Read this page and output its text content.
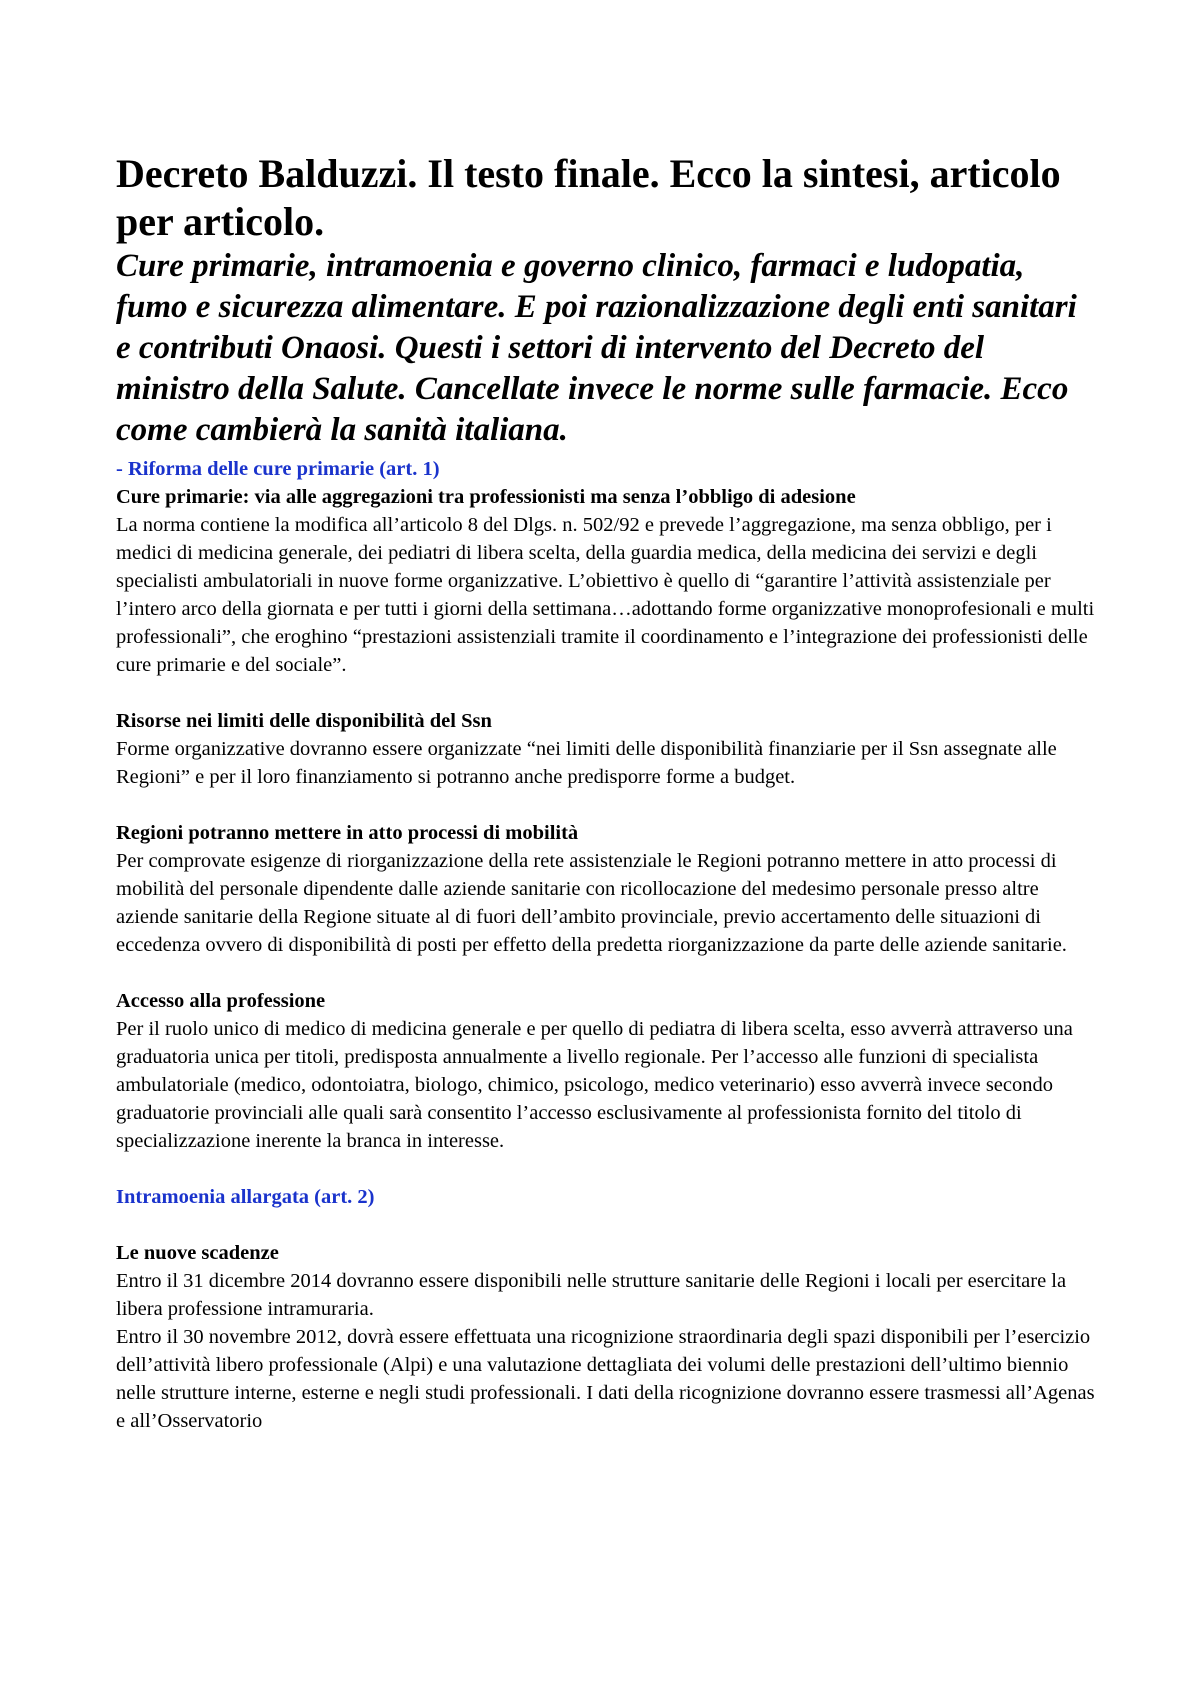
Decreto Balduzzi. Il testo finale. Ecco la sintesi, articolo per articolo.
Cure primarie, intramoenia e governo clinico, farmaci e ludopatia, fumo e sicurezza alimentare. E poi razionalizzazione degli enti sanitari e contributi Onaosi. Questi i settori di intervento del Decreto del ministro della Salute. Cancellate invece le norme sulle farmacie. Ecco come cambierà la sanità italiana.

- Riforma delle cure primarie (art. 1)

Cure primarie: via alle aggregazioni tra professionisti ma senza l’obbligo di adesione

La norma contiene la modifica all’articolo 8 del Dlgs. n. 502/92 e prevede l’aggregazione, ma senza obbligo, per i medici di medicina generale, dei pediatri di libera scelta, della guardia medica, della medicina dei servizi e degli specialisti ambulatoriali in nuove forme organizzative. L’obiettivo è quello di “garantire l’attività assistenziale per l’intero arco della giornata e per tutti i giorni della settimana…adottando forme organizzative monoprofesionali e multi professionali”, che eroghino “prestazioni assistenziali tramite il coordinamento e l’integrazione dei professionisti delle cure primarie e del sociale”.

Risorse nei limiti delle disponibilità del Ssn

Forme organizzative dovranno essere organizzate “nei limiti delle disponibilità finanziarie per il Ssn assegnate alle Regioni” e per il loro finanziamento si potranno anche predisporre forme a budget.

Regioni potranno mettere in atto processi di mobilità

Per comprovate esigenze di riorganizzazione della rete assistenziale le Regioni potranno mettere in atto processi di mobilità del personale dipendente dalle aziende sanitarie con ricollocazione del medesimo personale presso altre aziende sanitarie della Regione situate al di fuori dell’ambito provinciale, previo accertamento delle situazioni di eccedenza ovvero di disponibilità di posti per effetto della predetta riorganizzazione da parte delle aziende sanitarie.

Accesso alla professione

Per il ruolo unico di medico di medicina generale e per quello di pediatra di libera scelta, esso avverrà attraverso una graduatoria unica per titoli, predisposta annualmente a livello regionale. Per l’accesso alle funzioni di specialista ambulatoriale (medico, odontoiatra, biologo, chimico, psicologo, medico veterinario) esso avverrà invece secondo graduatorie provinciali alle quali sarà consentito l’accesso esclusivamente al professionista fornito del titolo di specializzazione inerente la branca in interesse.

Intramoenia allargata (art. 2)

Le nuove scadenze

Entro il 31 dicembre 2014 dovranno essere disponibili nelle strutture sanitarie delle Regioni i locali per esercitare la libera professione intramuraria.

Entro il 30 novembre 2012, dovrà essere effettuata una ricognizione straordinaria degli spazi disponibili per l’esercizio dell’attività libero professionale (Alpi) e una valutazione dettagliata dei volumi delle prestazioni dell’ultimo biennio nelle strutture interne, esterne e negli studi professionali. I dati della ricognizione dovranno essere trasmessi all’Agenas e all’Osservatorio
